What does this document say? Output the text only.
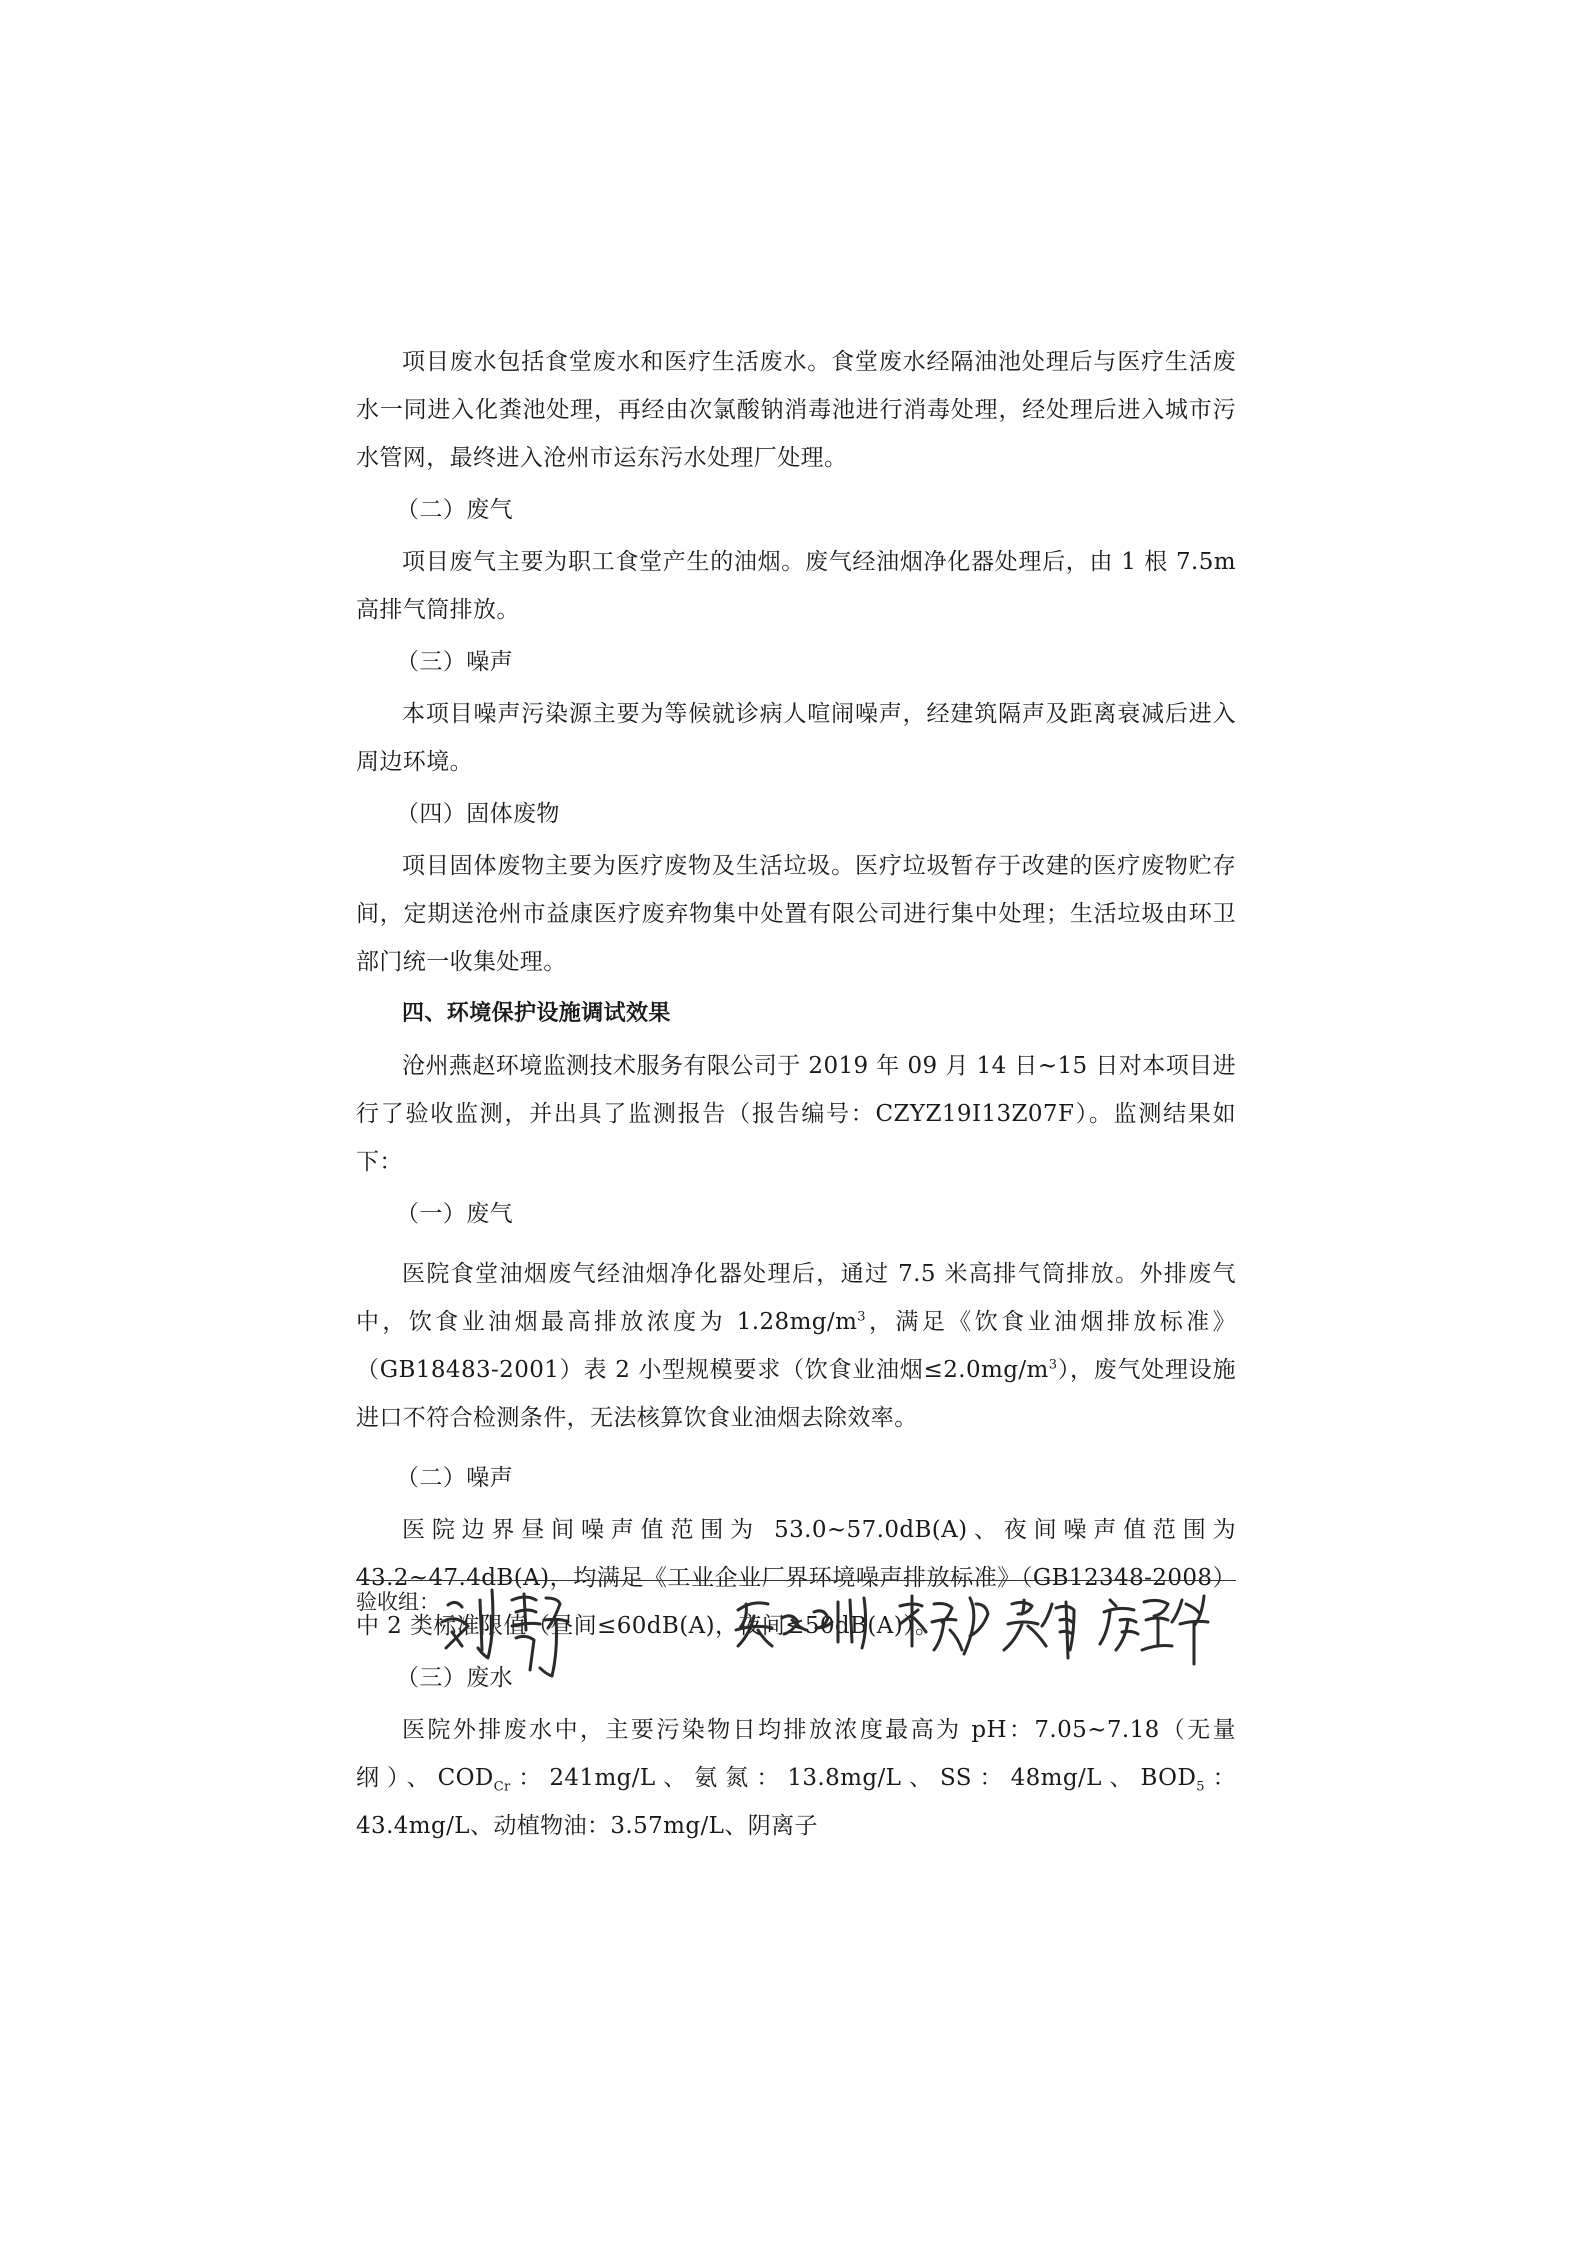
项目废水包括食堂废水和医疗生活废水。食堂废水经隔油池处理后与医疗生活废水一同进入化粪池处理，再经由次氯酸钠消毒池进行消毒处理，经处理后进入城市污水管网，最终进入沧州市运东污水处理厂处理。

（二）废气

项目废气主要为职工食堂产生的油烟。废气经油烟净化器处理后，由 1 根 7.5m 高排气筒排放。

（三）噪声

本项目噪声污染源主要为等候就诊病人喧闹噪声，经建筑隔声及距离衰减后进入周边环境。

（四）固体废物

项目固体废物主要为医疗废物及生活垃圾。医疗垃圾暂存于改建的医疗废物贮存间，定期送沧州市益康医疗废弃物集中处置有限公司进行集中处理；生活垃圾由环卫部门统一收集处理。

四、环境保护设施调试效果

沧州燕赵环境监测技术服务有限公司于 2019 年 09 月 14 日~15 日对本项目进行了验收监测，并出具了监测报告（报告编号：CZYZ19I13Z07F）。监测结果如下：

（一）废气

医院食堂油烟废气经油烟净化器处理后，通过 7.5 米高排气筒排放。外排废气中，饮食业油烟最高排放浓度为 $1.28mg/m^3$，满足《饮食业油烟排放标准》（GB18483-2001）表 2 小型规模要求（饮食业油烟$\le 2.0mg/m^3$），废气处理设施进口不符合检测条件，无法核算饮食业油烟去除效率。

（二）噪声

医院边界昼间噪声值范围为 53.0~57.0dB(A)、夜间噪声值范围为 43.2~47.4dB(A)，均满足《工业企业厂界环境噪声排放标准》（GB12348-2008）中 2 类标准限值（昼间≤60dB(A)，夜间≤50dB(A)）。

（三）废水

医院外排废水中，主要污染物日均排放浓度最高为 pH：7.05~7.18（无量纲）、$COD_{Cr}$：241mg/L、氨氮：13.8mg/L、SS：48mg/L、$BOD_5$：43.4mg/L、动植物油：3.57mg/L、阴离子

验收组：
